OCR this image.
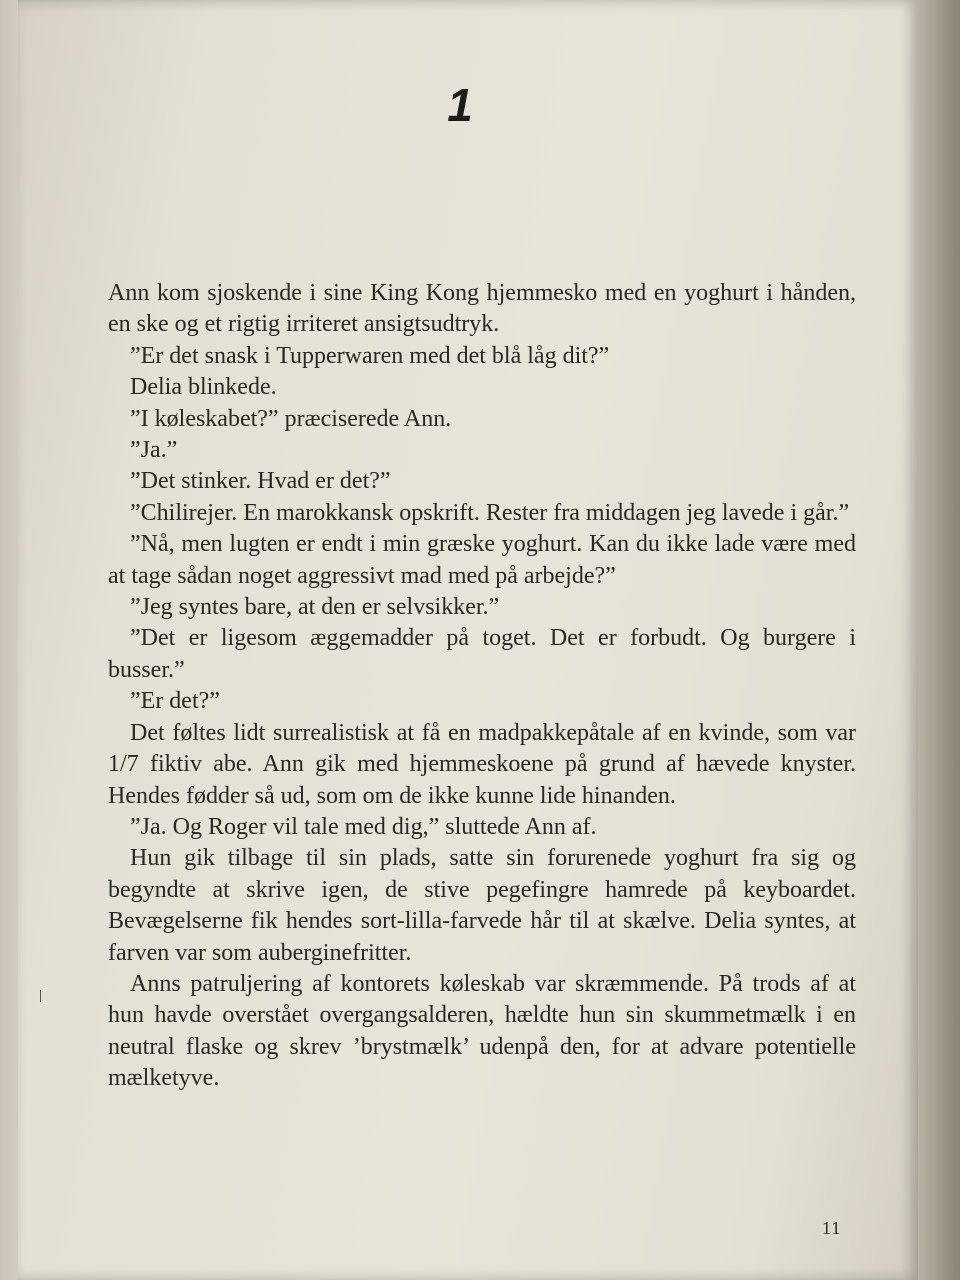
1

Ann kom sjoskende i sine King Kong hjemmesko med en yoghurt i hånden, en ske og et rigtig irriteret ansigtsudtryk.

”Er det snask i Tupperwaren med det blå låg dit?”

Delia blinkede.

”I køleskabet?” præciserede Ann.

”Ja.”

”Det stinker. Hvad er det?”

”Chilirejer. En marokkansk opskrift. Rester fra middagen jeg lavede i går.”

”Nå, men lugten er endt i min græske yoghurt. Kan du ikke lade være med at tage sådan noget aggressivt mad med på arbejde?”

”Jeg syntes bare, at den er selvsikker.”

”Det er ligesom æggemadder på toget. Det er forbudt. Og burgere i busser.”

”Er det?”

Det føltes lidt surrealistisk at få en madpakkepåtale af en kvinde, som var 1/7 fiktiv abe. Ann gik med hjemmeskoene på grund af hævede knyster. Hendes fødder så ud, som om de ikke kunne lide hinanden.

”Ja. Og Roger vil tale med dig,” sluttede Ann af.

Hun gik tilbage til sin plads, satte sin forurenede yoghurt fra sig og begyndte at skrive igen, de stive pegefingre hamrede på keyboardet. Bevægelserne fik hendes sort-lilla-farvede hår til at skælve. Delia syntes, at farven var som auberginefritter.

Anns patruljering af kontorets køleskab var skræmmende. På trods af at hun havde overstået overgangsalderen, hældte hun sin skummetmælk i en neutral flaske og skrev ’brystmælk’ udenpå den, for at advare potentielle mælketyve.

11
